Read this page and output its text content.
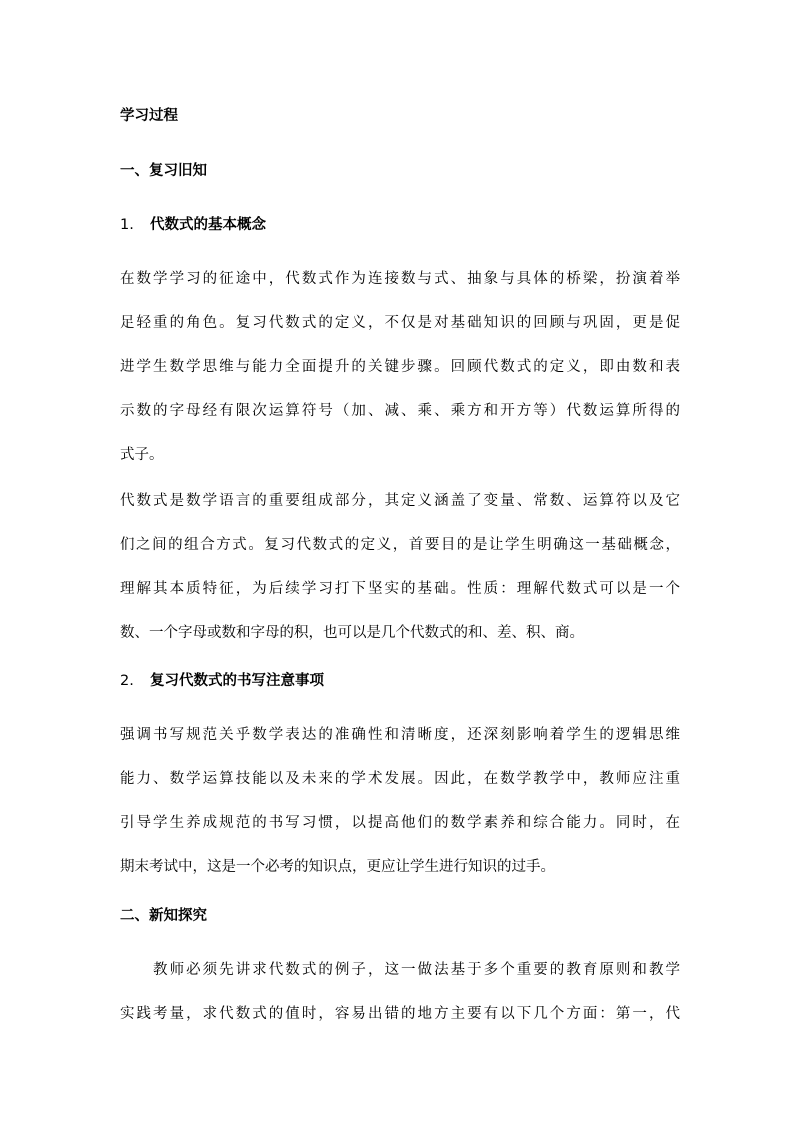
学习过程
一、复习旧知
1. 代数式的基本概念
在数学学习的征途中，代数式作为连接数与式、抽象与具体的桥梁，扮演着举
足轻重的角色。复习代数式的定义，不仅是对基础知识的回顾与巩固，更是促
进学生数学思维与能力全面提升的关键步骤。回顾代数式的定义，即由数和表
示数的字母经有限次运算符号（加、减、乘、乘方和开方等）代数运算所得的
式子。
代数式是数学语言的重要组成部分，其定义涵盖了变量、常数、运算符以及它
们之间的组合方式。复习代数式的定义，首要目的是让学生明确这一基础概念，
理解其本质特征，为后续学习打下坚实的基础。性质：理解代数式可以是一个
数、一个字母或数和字母的积，也可以是几个代数式的和、差、积、商。
2. 复习代数式的书写注意事项
强调书写规范关乎数学表达的准确性和清晰度，还深刻影响着学生的逻辑思维
能力、数学运算技能以及未来的学术发展。因此，在数学教学中，教师应注重
引导学生养成规范的书写习惯，以提高他们的数学素养和综合能力。同时，在
期末考试中，这是一个必考的知识点，更应让学生进行知识的过手。
二、新知探究
　　教师必须先讲求代数式的例子，这一做法基于多个重要的教育原则和教学
实践考量，求代数式的值时，容易出错的地方主要有以下几个方面：第一，代
